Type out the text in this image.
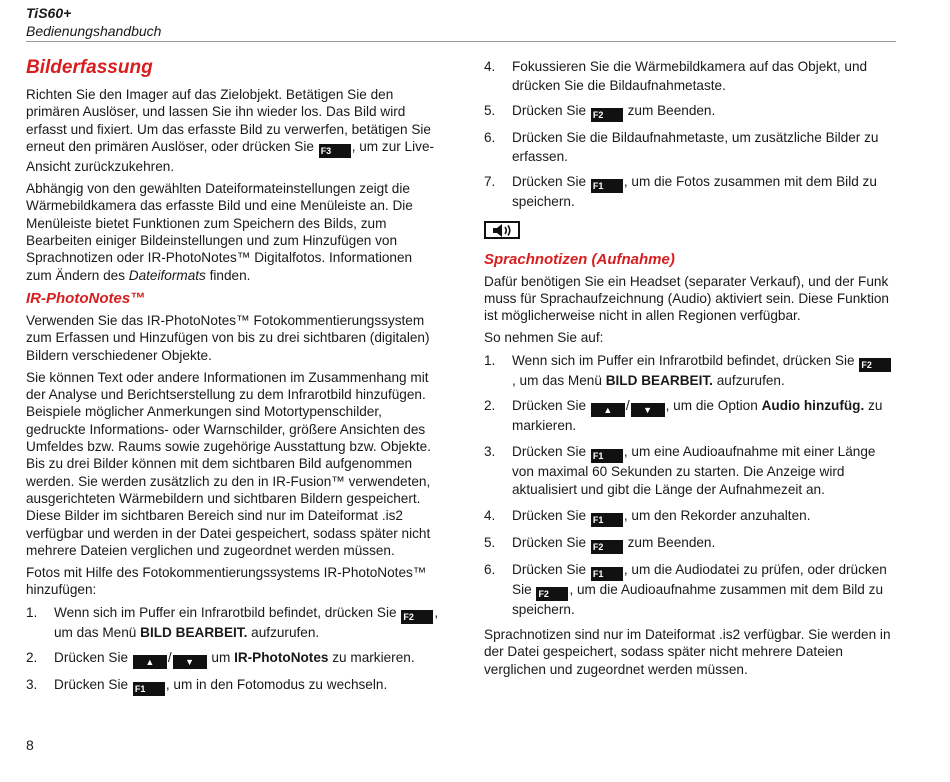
TiS60+
Bedienungshandbuch
Bilderfassung

Richten Sie den Imager auf das Zielobjekt. Betätigen Sie den primären Auslöser, und lassen Sie ihn wieder los. Das Bild wird erfasst und fixiert. Um das erfasste Bild zu verwerfen, betätigen Sie erneut den primären Auslöser, oder drücken Sie F3 , um zur Live-Ansicht zurückzukehren.

Abhängig von den gewählten Dateiformateinstellungen zeigt die Wärmebildkamera das erfasste Bild und eine Menüleiste an. Die Menüleiste bietet Funktionen zum Speichern des Bilds, zum Bearbeiten einiger Bildeinstellungen und zum Hinzufügen von Sprachnotizen oder IR-PhotoNotes™ Digitalfotos. Informationen zum Ändern des Dateiformats finden.

IR-PhotoNotes™

Verwenden Sie das IR-PhotoNotes™ Fotokommentierungssystem zum Erfassen und Hinzufügen von bis zu drei sichtbaren (digitalen) Bildern verschiedener Objekte.

Sie können Text oder andere Informationen im Zusammenhang mit der Analyse und Berichtserstellung zu dem Infrarotbild hinzufügen. Beispiele möglicher Anmerkungen sind Motortypenschilder, gedruckte Informations- oder Warnschilder, größere Ansichten des Umfeldes bzw. Raums sowie zugehörige Ausstattung bzw. Objekte. Bis zu drei Bilder können mit dem sichtbaren Bild aufgenommen werden. Sie werden zusätzlich zu den in IR-Fusion™ verwendeten, ausgerichteten Wärmebildern und sichtbaren Bildern gespeichert. Diese Bilder im sichtbaren Bereich sind nur im Dateiformat .is2 verfügbar und werden in der Datei gespeichert, sodass später nicht mehrere Dateien verglichen und zugeordnet werden müssen.

Fotos mit Hilfe des Fotokommentierungssystems IR-PhotoNotes™ hinzufügen:

1. Wenn sich im Puffer ein Infrarotbild befindet, drücken Sie F2 , um das Menü BILD BEARBEIT. aufzurufen.
2. Drücken Sie ▲ / ▼ um IR-PhotoNotes zu markieren.
3. Drücken Sie F1 , um in den Fotomodus zu wechseln.
4. Fokussieren Sie die Wärmebildkamera auf das Objekt, und drücken Sie die Bildaufnahmetaste.
5. Drücken Sie F2 zum Beenden.
6. Drücken Sie die Bildaufnahmetaste, um zusätzliche Bilder zu erfassen.
7. Drücken Sie F1 , um die Fotos zusammen mit dem Bild zu speichern.
Sprachnotizen (Aufnahme)

Dafür benötigen Sie ein Headset (separater Verkauf), und der Funk muss für Sprachaufzeichnung (Audio) aktiviert sein. Diese Funktion ist möglicherweise nicht in allen Regionen verfügbar.

So nehmen Sie auf:

1. Wenn sich im Puffer ein Infrarotbild befindet, drücken Sie F2, um das Menü BILD BEARBEIT. aufzurufen.
2. Drücken Sie ▲ / ▼ , um die Option Audio hinzufüg. zu markieren.
3. Drücken Sie F1 , um eine Audioaufnahme mit einer Länge von maximal 60 Sekunden zu starten. Die Anzeige wird aktualisiert und gibt die Länge der Aufnahmezeit an.
4. Drücken Sie F1 , um den Rekorder anzuhalten.
5. Drücken Sie F2 zum Beenden.
6. Drücken Sie F1 , um die Audiodatei zu prüfen, oder drücken Sie F2 , um die Audioaufnahme zusammen mit dem Bild zu speichern.

Sprachnotizen sind nur im Dateiformat .is2 verfügbar. Sie werden in der Datei gespeichert, sodass später nicht mehrere Dateien verglichen und zugeordnet werden müssen.

8
